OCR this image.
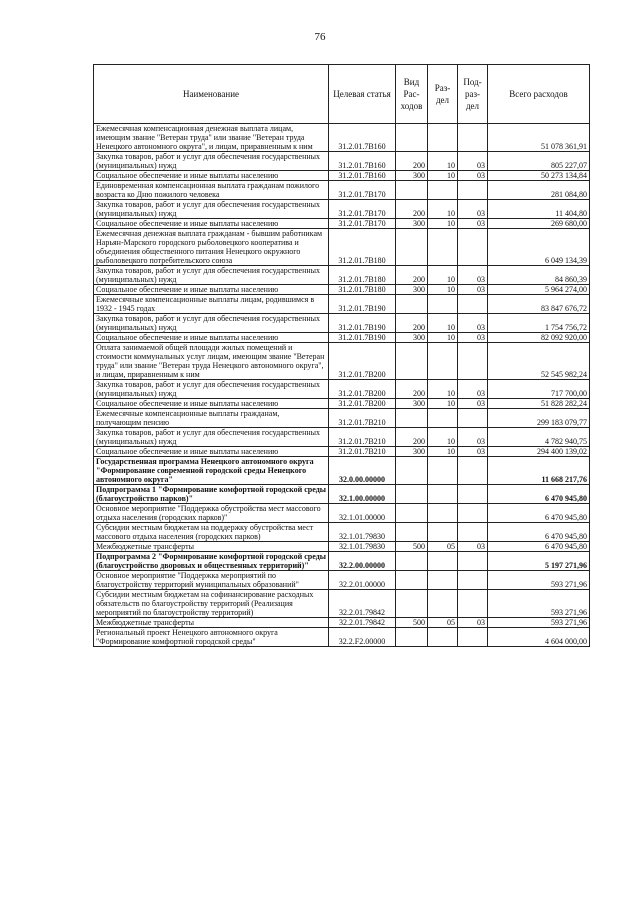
76
Наименование	Целевая статья	Вид Рас-ходов	Раз-дел	Под-раз-дел	Всего расходов
Ежемесячная компенсационная денежная выплата лицам, имеющим звание "Ветеран труда" или звание "Ветеран труда Ненецкого автономного округа", и лицам, приравненным к ним	31.2.01.7В160				51 078 361,91
Закупка товаров, работ и услуг для обеспечения государственных (муниципальных) нужд	31.2.01.7В160	200	10	03	805 227,07
Социальное обеспечение и иные выплаты населению	31.2.01.7В160	300	10	03	50 273 134,84
Единовременная компенсационная выплата гражданам пожилого возраста ко Дню пожилого человека	31.2.01.7В170				281 084,80
Закупка товаров, работ и услуг для обеспечения государственных (муниципальных) нужд	31.2.01.7В170	200	10	03	11 404,80
Социальное обеспечение и иные выплаты населению	31.2.01.7В170	300	10	03	269 680,00
Ежемесячная денежная выплата гражданам - бывшим работникам Нарьян-Марского городского рыболовецкого кооператива и объединения общественного питания Ненецкого окружного рыболовецкого потребительского союза	31.2.01.7В180				6 049 134,39
Закупка товаров, работ и услуг для обеспечения государственных (муниципальных) нужд	31.2.01.7В180	200	10	03	84 860,39
Социальное обеспечение и иные выплаты населению	31.2.01.7В180	300	10	03	5 964 274,00
Ежемесячные компенсационные выплаты лицам, родившимся в 1932 - 1945 годах	31.2.01.7В190				83 847 676,72
Закупка товаров, работ и услуг для обеспечения государственных (муниципальных) нужд	31.2.01.7В190	200	10	03	1 754 756,72
Социальное обеспечение и иные выплаты населению	31.2.01.7В190	300	10	03	82 092 920,00
Оплата занимаемой общей площади жилых помещений и стоимости коммунальных услуг лицам, имеющим звание "Ветеран труда" или звание "Ветеран труда Ненецкого автономного округа", и лицам, приравненным к ним	31.2.01.7В200				52 545 982,24
Закупка товаров, работ и услуг для обеспечения государственных (муниципальных) нужд	31.2.01.7В200	200	10	03	717 700,00
Социальное обеспечение и иные выплаты населению	31.2.01.7В200	300	10	03	51 828 282,24
Ежемесячные компенсационные выплаты гражданам, получающим пенсию	31.2.01.7В210				299 183 079,77
Закупка товаров, работ и услуг для обеспечения государственных (муниципальных) нужд	31.2.01.7В210	200	10	03	4 782 940,75
Социальное обеспечение и иные выплаты населению	31.2.01.7В210	300	10	03	294 400 139,02
Государственная программа Ненецкого автономного округа "Формирование современной городской среды Ненецкого автономного округа"	32.0.00.00000				11 668 217,76
Подпрограмма 1 "Формирование комфортной городской среды (благоустройство парков)"	32.1.00.00000				6 470 945,80
Основное мероприятие "Поддержка обустройства мест массового отдыха населения (городских парков)"	32.1.01.00000				6 470 945,80
Субсидии местным бюджетам на поддержку обустройства мест массового отдыха населения (городских парков)	32.1.01.79830				6 470 945,80
Межбюджетные трансферты	32.1.01.79830	500	05	03	6 470 945,80
Подпрограмма 2 "Формирование комфортной городской среды (благоустройство дворовых и общественных территорий)"	32.2.00.00000				5 197 271,96
Основное мероприятие "Поддержка мероприятий по благоустройству территорий муниципальных образований"	32.2.01.00000				593 271,96
Субсидии местным бюджетам на софинансирование расходных обязательств по благоустройству территорий (Реализация мероприятий по благоустройству территорий)	32.2.01.79842				593 271,96
Межбюджетные трансферты	32.2.01.79842	500	05	03	593 271,96
Региональный проект Ненецкого автономного округа "Формирование комфортной городской среды"	32.2.F2.00000				4 604 000,00
